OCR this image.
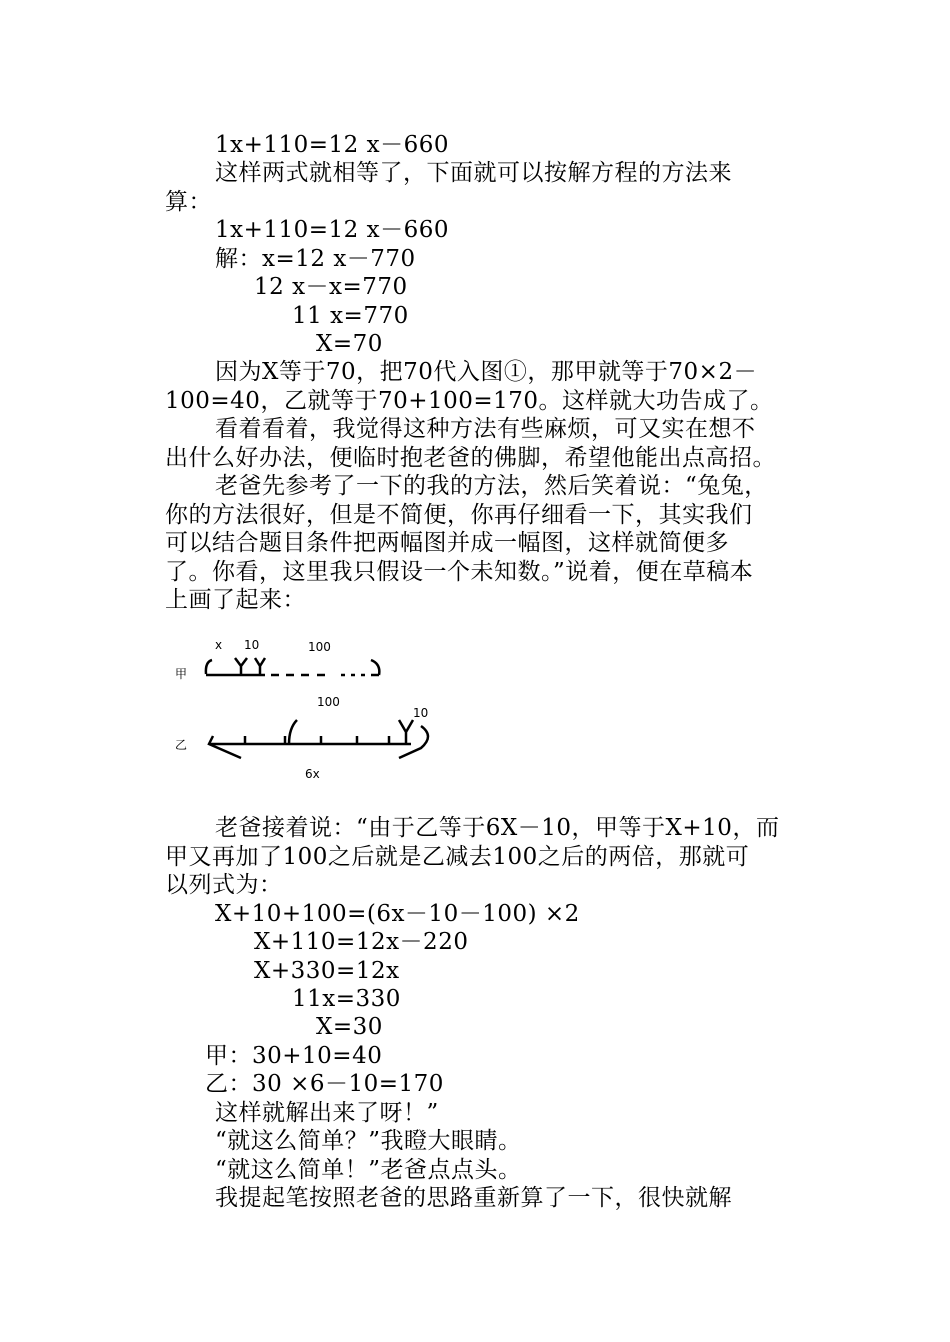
1x+110=12 x－660
这样两式就相等了，下面就可以按解方程的方法来
算：
1x+110=12 x－660
解：x=12 x－770
12 x－x=770
11 x=770
X=70
因为X等于70，把70代入图①，那甲就等于70×2－
100=40，乙就等于70+100=170。这样就大功告成了。
看着看着，我觉得这种方法有些麻烦，可又实在想不
出什么好办法，便临时抱老爸的佛脚，希望他能出点高招。
老爸先参考了一下的我的方法，然后笑着说：“兔兔，
你的方法很好，但是不简便，你再仔细看一下，其实我们
可以结合题目条件把两幅图并成一幅图，这样就简便多
了。你看，这里我只假设一个未知数。”说着，便在草稿本
上画了起来：
甲
乙
x 10	100
100
10
6x
老爸接着说：“由于乙等于6X－10，甲等于X+10，而
甲又再加了100之后就是乙减去100之后的两倍，那就可
以列式为：
X+10+100=(6x－10－100) ×2
X+110=12x－220
X+330=12x
11x=330
X=30
甲：30+10=40
乙：30 ×6－10=170
这样就解出来了呀！”
“就这么简单？”我瞪大眼睛。
“就这么简单！”老爸点点头。
我提起笔按照老爸的思路重新算了一下，很快就解
